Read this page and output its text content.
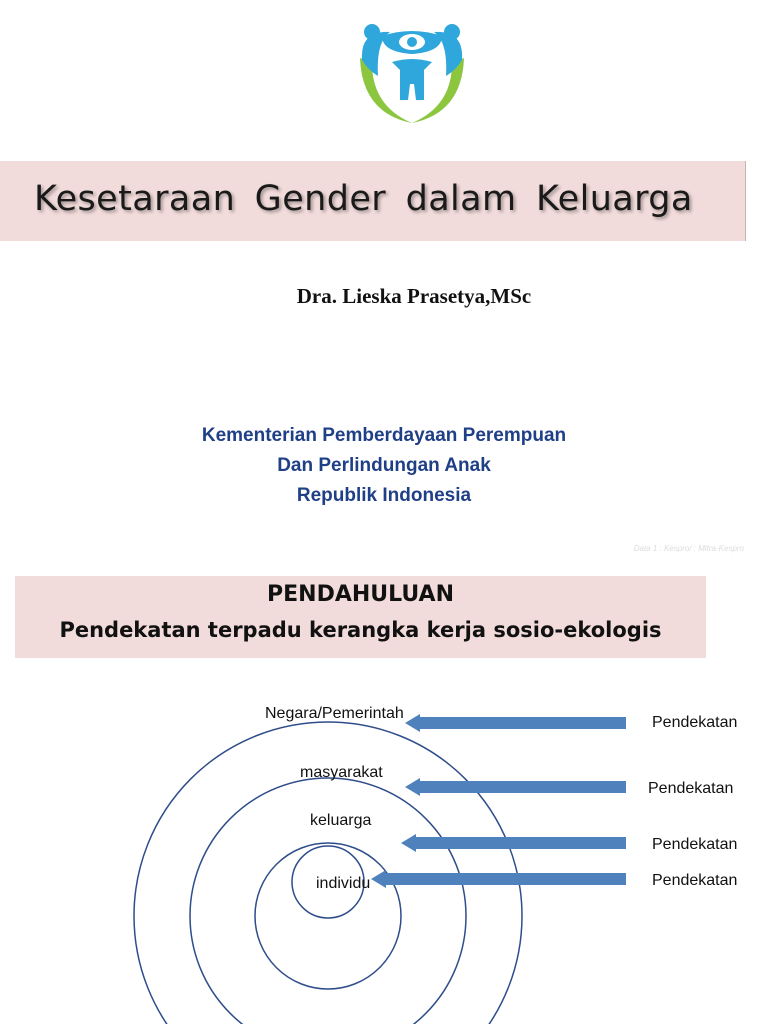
Kesetaraan Gender dalam Keluarga
Dra. Lieska Prasetya,MSc
Kementerian Pemberdayaan Perempuan
Dan Perlindungan Anak
Republik Indonesia
Data 1 : Kespro/ : Mitra-Kespro
PENDAHULUAN
Pendekatan terpadu kerangka kerja sosio-ekologis
Negara/Pemerintah
masyarakat
keluarga
individu
Pendekatan
Pendekatan
Pendekatan
Pendekatan
